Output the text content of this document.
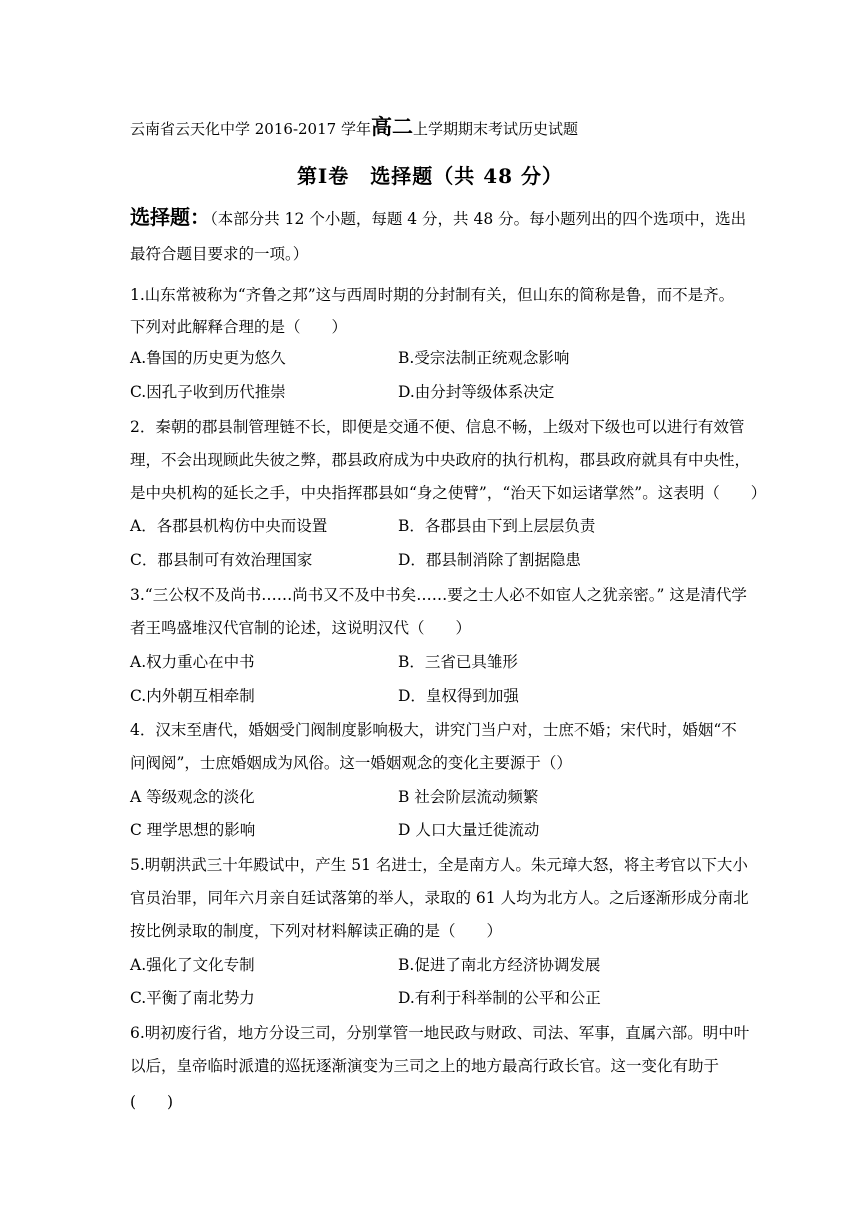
云南省云天化中学 2016-2017 学年高二上学期期末考试历史试题
第Ⅰ卷　选择题（共 48 分）
选择题：（本部分共 12 个小题，每题 4 分，共 48 分。每小题列出的四个选项中，选出
最符合题目要求的一项。）
1.山东常被称为“齐鲁之邦”这与西周时期的分封制有关，但山东的简称是鲁，而不是齐。
下列对此解释合理的是（　　）
A.鲁国的历史更为悠久	B.受宗法制正统观念影响
C.因孔子收到历代推崇	D.由分封等级体系决定
2．秦朝的郡县制管理链不长，即便是交通不便、信息不畅，上级对下级也可以进行有效管
理，不会出现顾此失彼之弊，郡县政府成为中央政府的执行机构，郡县政府就具有中央性，
是中央机构的延长之手，中央指挥郡县如“身之使臂”，“治天下如运诸掌然”。这表明（　　）
A．各郡县机构仿中央而设置	B．各郡县由下到上层层负责
C．郡县制可有效治理国家	D．郡县制消除了割据隐患
3.“三公权不及尚书……尚书又不及中书矣……要之士人必不如宦人之犹亲密。” 这是清代学
者王鸣盛堆汉代官制的论述，这说明汉代（　　）
A.权力重心在中书	B．三省已具雏形
C.内外朝互相牵制	D．皇权得到加强
4．汉末至唐代，婚姻受门阀制度影响极大，讲究门当户对，士庶不婚；宋代时，婚姻“不
问阀阅”，士庶婚姻成为风俗。这一婚姻观念的变化主要源于（）
A 等级观念的淡化	B 社会阶层流动频繁
C 理学思想的影响	D 人口大量迁徙流动
5.明朝洪武三十年殿试中，产生 51 名进士，全是南方人。朱元璋大怒，将主考官以下大小
官员治罪，同年六月亲自廷试落第的举人，录取的 61 人均为北方人。之后逐渐形成分南北
按比例录取的制度，下列对材料解读正确的是（　　）
A.强化了文化专制	B.促进了南北方经济协调发展
C.平衡了南北势力	D.有利于科举制的公平和公正
6.明初废行省，地方分设三司，分别掌管一地民政与财政、司法、军事，直属六部。明中叶
以后，皇帝临时派遣的巡抚逐渐演变为三司之上的地方最高行政长官。这一变化有助于
(　　)
